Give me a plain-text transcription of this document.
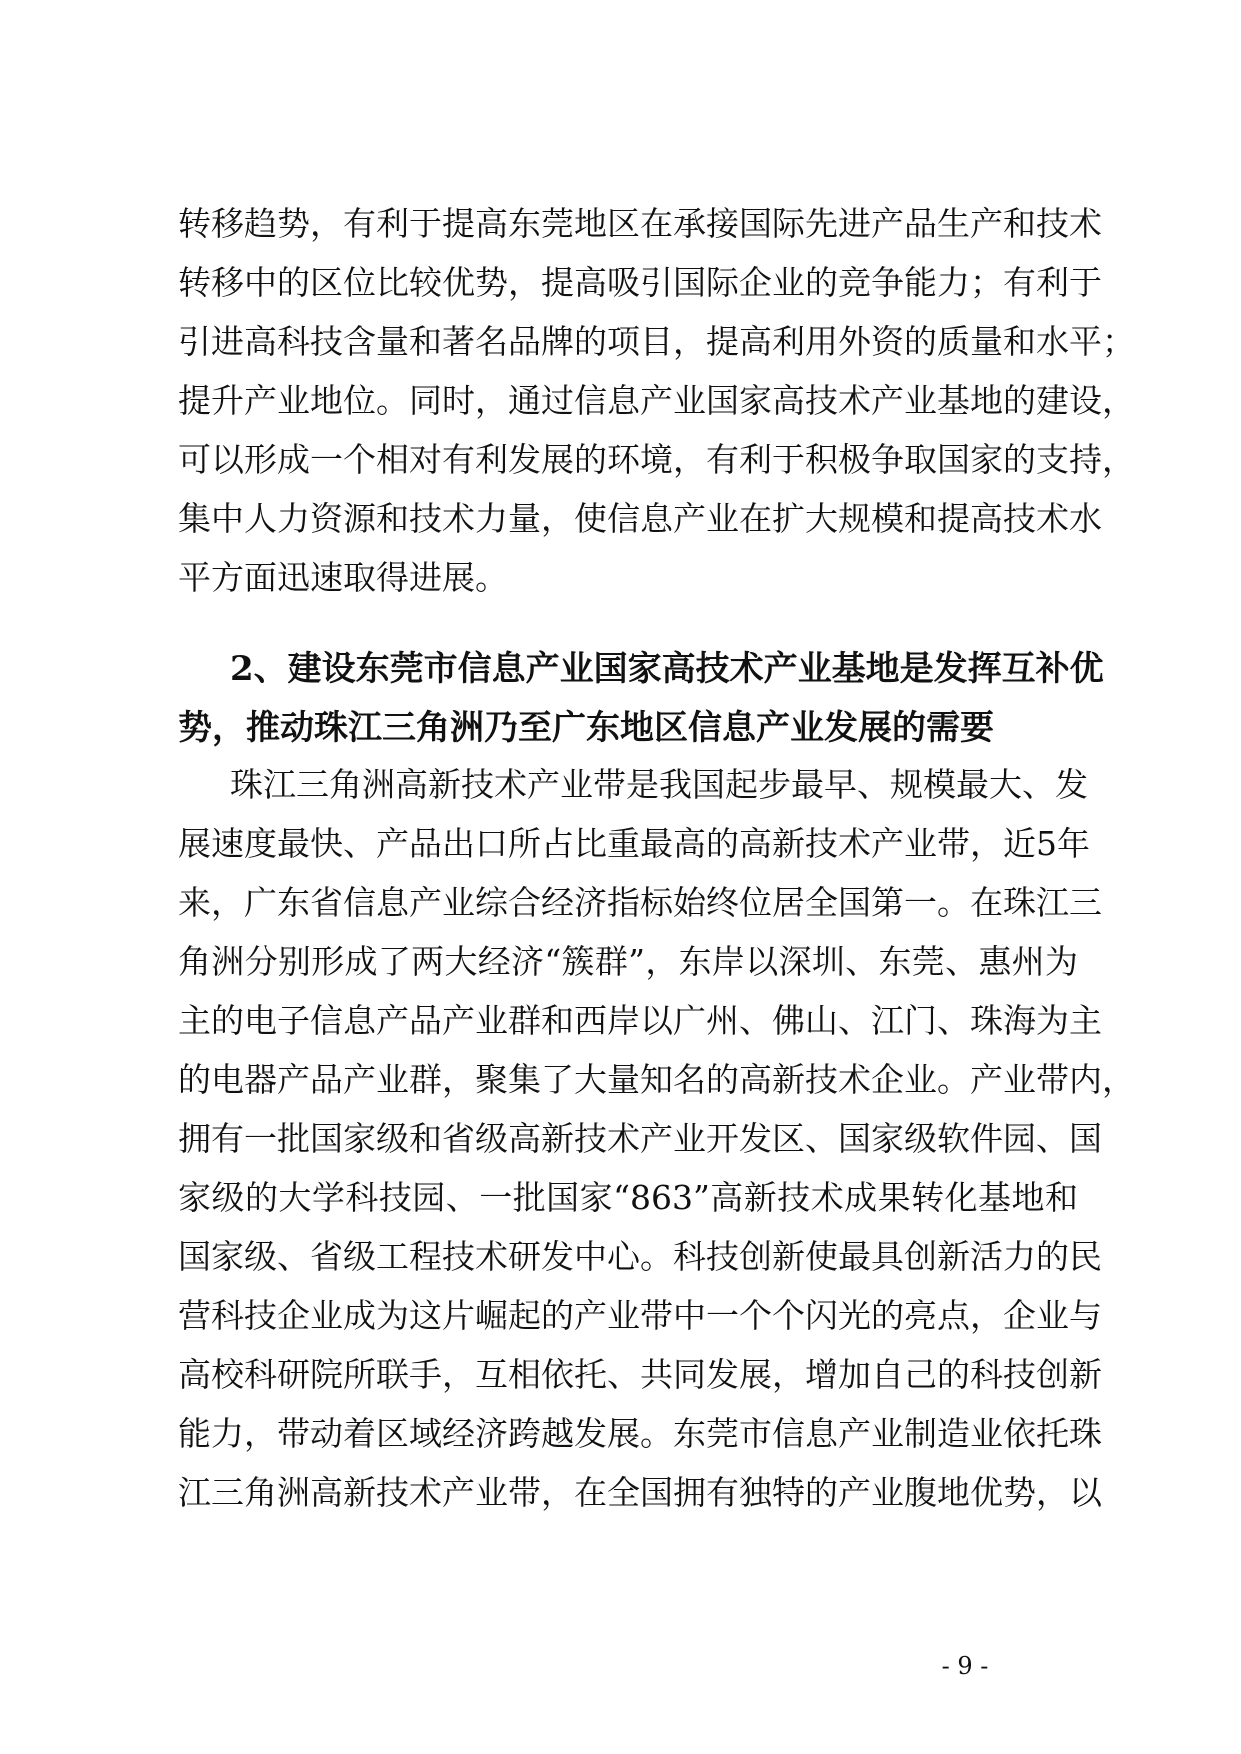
转移趋势，有利于提高东莞地区在承接国际先进产品生产和技术
转移中的区位比较优势，提高吸引国际企业的竞争能力；有利于
引进高科技含量和著名品牌的项目，提高利用外资的质量和水平；
提升产业地位。同时，通过信息产业国家高技术产业基地的建设，
可以形成一个相对有利发展的环境，有利于积极争取国家的支持，
集中人力资源和技术力量，使信息产业在扩大规模和提高技术水
平方面迅速取得进展。
2、建设东莞市信息产业国家高技术产业基地是发挥互补优
势，推动珠江三角洲乃至广东地区信息产业发展的需要
珠江三角洲高新技术产业带是我国起步最早、规模最大、发
展速度最快、产品出口所占比重最高的高新技术产业带，近5年
来，广东省信息产业综合经济指标始终位居全国第一。在珠江三
角洲分别形成了两大经济“簇群”，东岸以深圳、东莞、惠州为
主的电子信息产品产业群和西岸以广州、佛山、江门、珠海为主
的电器产品产业群，聚集了大量知名的高新技术企业。产业带内，
拥有一批国家级和省级高新技术产业开发区、国家级软件园、国
家级的大学科技园、一批国家“863”高新技术成果转化基地和
国家级、省级工程技术研发中心。科技创新使最具创新活力的民
营科技企业成为这片崛起的产业带中一个个闪光的亮点，企业与
高校科研院所联手，互相依托、共同发展，增加自己的科技创新
能力，带动着区域经济跨越发展。东莞市信息产业制造业依托珠
江三角洲高新技术产业带，在全国拥有独特的产业腹地优势，以
- 9 -
